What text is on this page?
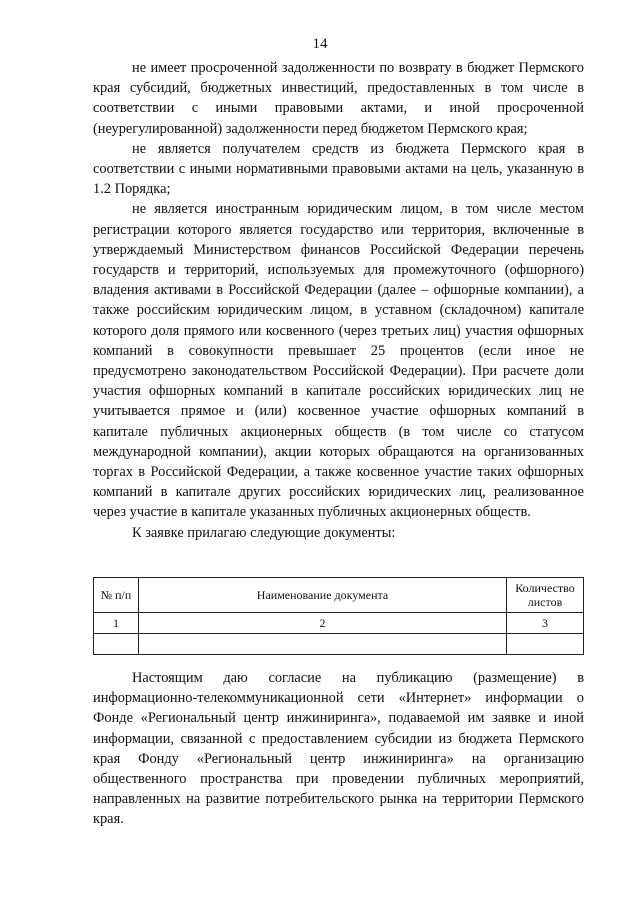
14

не имеет просроченной задолженности по возврату в бюджет Пермского края субсидий, бюджетных инвестиций, предоставленных в том числе в соответствии с иными правовыми актами, и иной просроченной (неурегулированной) задолженности перед бюджетом Пермского края;

не является получателем средств из бюджета Пермского края в соответствии с иными нормативными правовыми актами на цель, указанную в 1.2 Порядка;

не является иностранным юридическим лицом, в том числе местом регистрации которого является государство или территория, включенные в утверждаемый Министерством финансов Российской Федерации перечень государств и территорий, используемых для промежуточного (офшорного) владения активами в Российской Федерации (далее – офшорные компании), а также российским юридическим лицом, в уставном (складочном) капитале которого доля прямого или косвенного (через третьих лиц) участия офшорных компаний в совокупности превышает 25 процентов (если иное не предусмотрено законодательством Российской Федерации). При расчете доли участия офшорных компаний в капитале российских юридических лиц не учитывается прямое и (или) косвенное участие офшорных компаний в капитале публичных акционерных обществ (в том числе со статусом международной компании), акции которых обращаются на организованных торгах в Российской Федерации, а также косвенное участие таких офшорных компаний в капитале других российских юридических лиц, реализованное через участие в капитале указанных публичных акционерных обществ.

К заявке прилагаю следующие документы:

№ п/п	Наименование документа	Количество листов
1	2	3

Настоящим даю согласие на публикацию (размещение) в информационно-телекоммуникационной сети «Интернет» информации о Фонде «Региональный центр инжиниринга», подаваемой им заявке и иной информации, связанной с предоставлением субсидии из бюджета Пермского края Фонду «Региональный центр инжиниринга» на организацию общественного пространства при проведении публичных мероприятий, направленных на развитие потребительского рынка на территории Пермского края.
